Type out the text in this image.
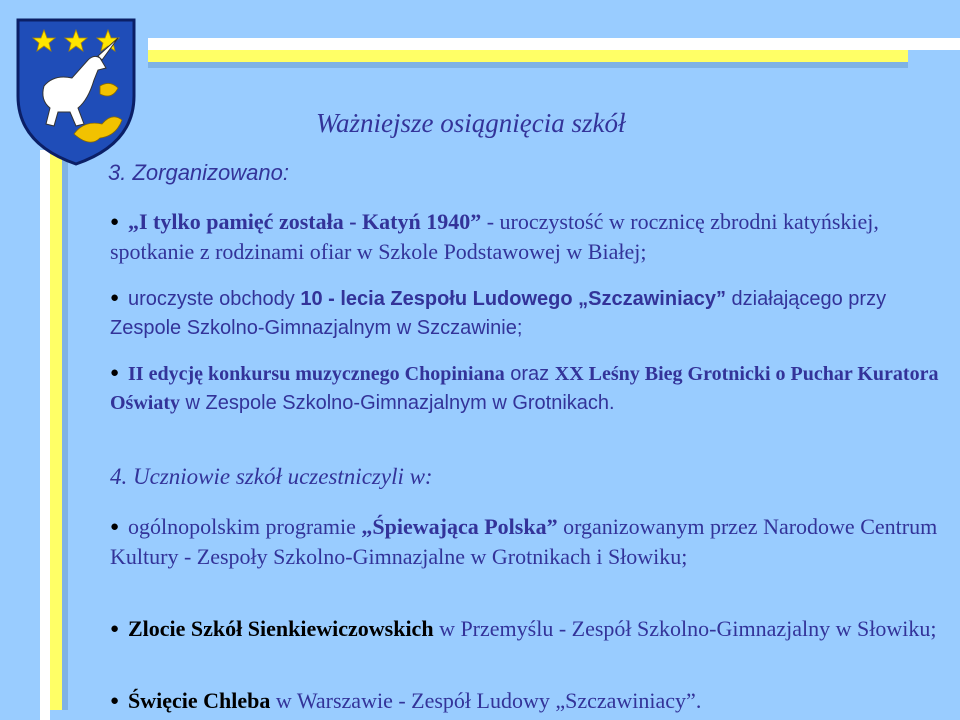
Ważniejsze osiągnięcia szkół
3. Zorganizowano:
● „I tylko pamięć została - Katyń 1940” - uroczystość w rocznicę zbrodni katyńskiej, spotkanie z rodzinami ofiar w Szkole Podstawowej w Białej;
● uroczyste obchody 10 - lecia Zespołu Ludowego „Szczawiniacy” działającego przy Zespole Szkolno-Gimnazjalnym w Szczawinie;
● II edycję konkursu muzycznego Chopiniana oraz XX Leśny Bieg Grotnicki o Puchar Kuratora Oświaty w Zespole Szkolno-Gimnazjalnym w Grotnikach.
4. Uczniowie szkół uczestniczyli w:
● ogólnopolskim programie „Śpiewająca Polska” organizowanym przez Narodowe Centrum Kultury - Zespoły Szkolno-Gimnazjalne w Grotnikach i Słowiku;
● Zlocie Szkół Sienkiewiczowskich w Przemyślu - Zespół Szkolno-Gimnazjalny w Słowiku;
● Święcie Chleba w Warszawie - Zespół Ludowy „Szczawiniacy”.
